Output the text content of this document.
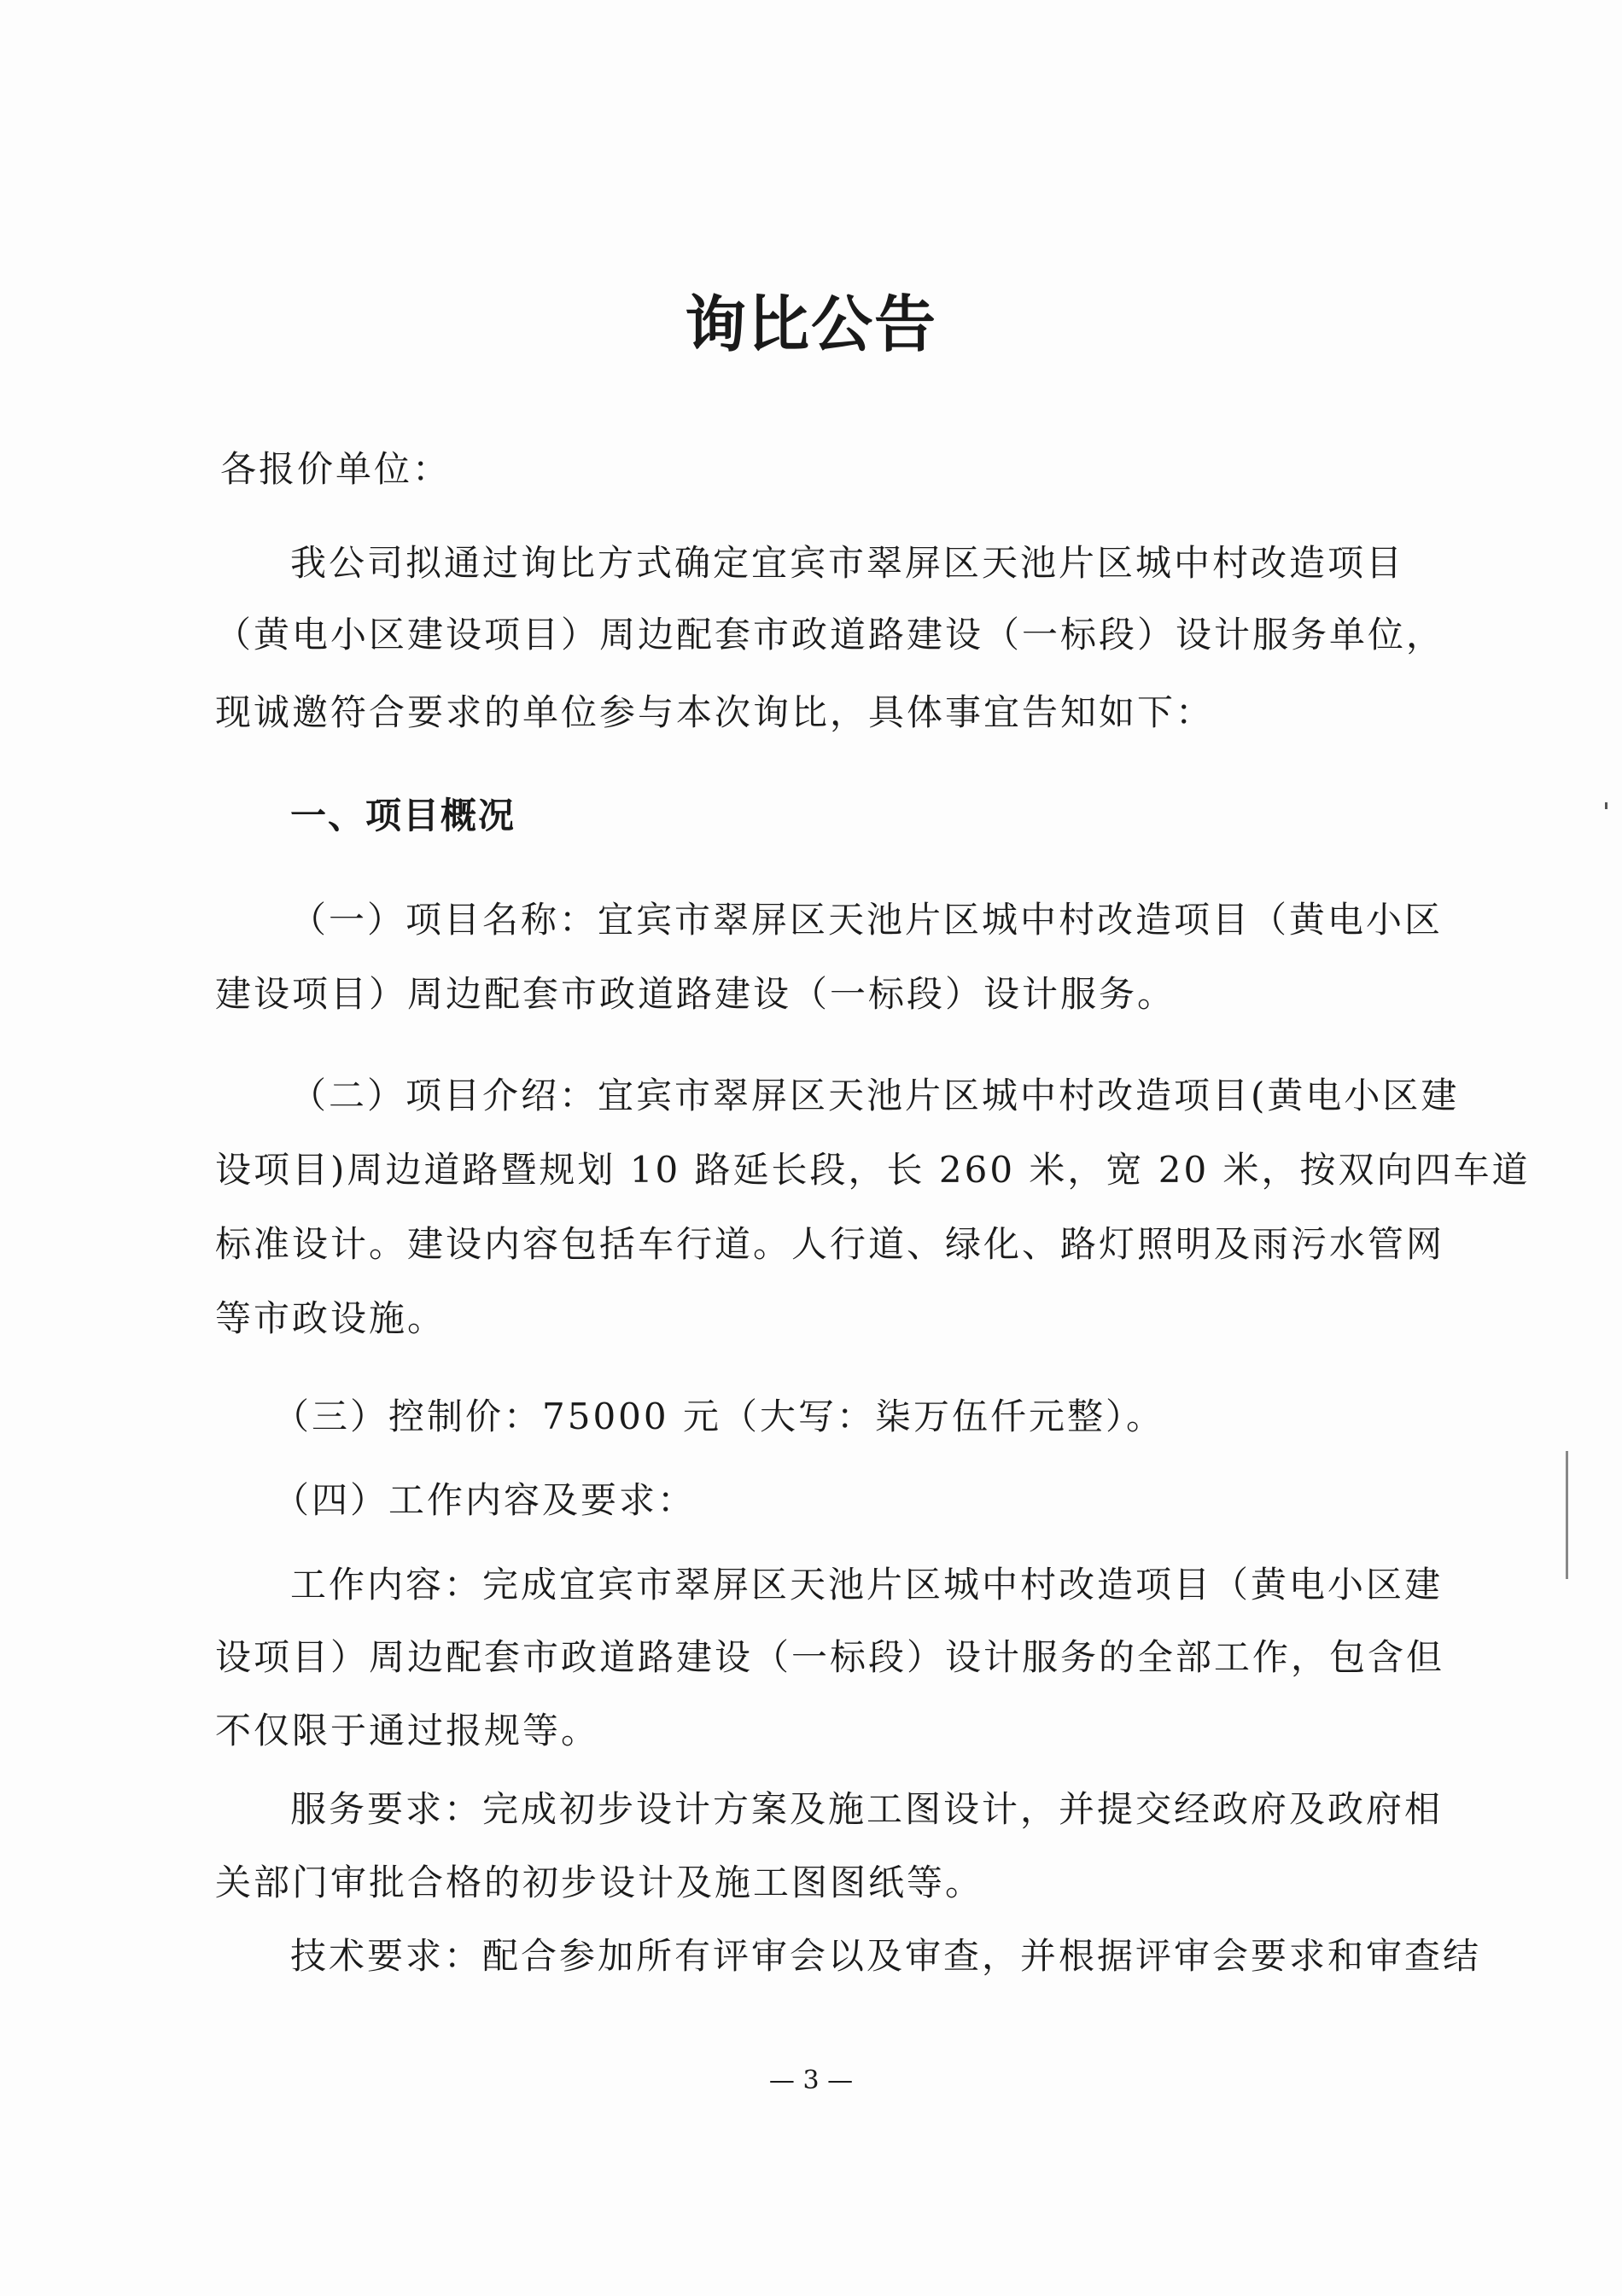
询比公告
各报价单位：
我公司拟通过询比方式确定宜宾市翠屏区天池片区城中村改造项目
（黄电小区建设项目）周边配套市政道路建设（一标段）设计服务单位，
现诚邀符合要求的单位参与本次询比，具体事宜告知如下：
一、项目概况
（一）项目名称：宜宾市翠屏区天池片区城中村改造项目（黄电小区
建设项目）周边配套市政道路建设（一标段）设计服务。
（二）项目介绍：宜宾市翠屏区天池片区城中村改造项目(黄电小区建
设项目)周边道路暨规划 10 路延长段，长 260 米，宽 20 米，按双向四车道
标准设计。建设内容包括车行道。人行道、绿化、路灯照明及雨污水管网
等市政设施。
（三）控制价：75000 元（大写：柒万伍仟元整）。
（四）工作内容及要求：
工作内容：完成宜宾市翠屏区天池片区城中村改造项目（黄电小区建
设项目）周边配套市政道路建设（一标段）设计服务的全部工作，包含但
不仅限于通过报规等。
服务要求：完成初步设计方案及施工图设计，并提交经政府及政府相
关部门审批合格的初步设计及施工图图纸等。
技术要求：配合参加所有评审会以及审查，并根据评审会要求和审查结
— 3 —
